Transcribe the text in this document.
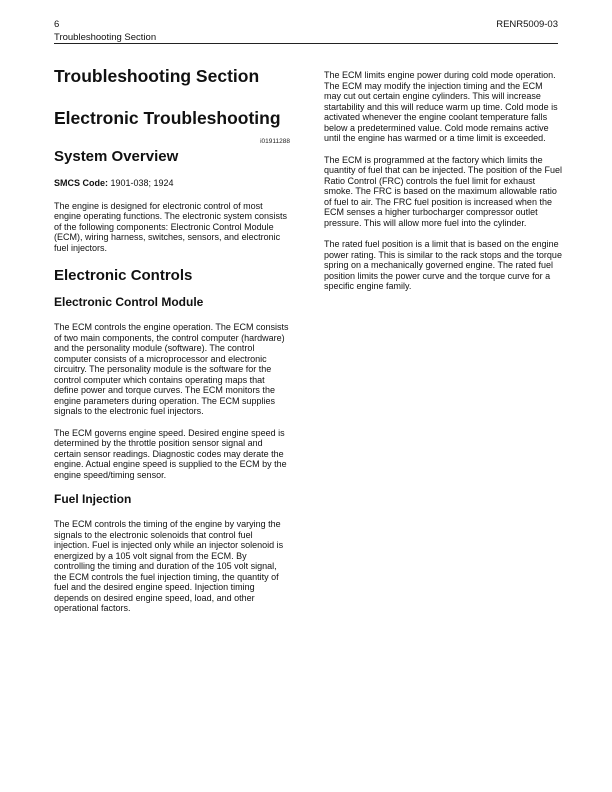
6
Troubleshooting Section
RENR5009-03
Troubleshooting Section
Electronic Troubleshooting
i01911288
System Overview

SMCS Code: 1901-038; 1924

The engine is designed for electronic control of most engine operating functions. The electronic system consists of the following components: Electronic Control Module (ECM), wiring harness, switches, sensors, and electronic fuel injectors.

Electronic Controls
Electronic Control Module

The ECM controls the engine operation. The ECM consists of two main components, the control computer (hardware) and the personality module (software). The control computer consists of a microprocessor and electronic circuitry. The personality module is the software for the control computer which contains operating maps that define power and torque curves. The ECM monitors the engine parameters during operation. The ECM supplies signals to the electronic fuel injectors.

The ECM governs engine speed. Desired engine speed is determined by the throttle position sensor signal and certain sensor readings. Diagnostic codes may derate the engine. Actual engine speed is supplied to the ECM by the engine speed/timing sensor.

Fuel Injection

The ECM controls the timing of the engine by varying the signals to the electronic solenoids that control fuel injection. Fuel is injected only while an injector solenoid is energized by a 105 volt signal from the ECM. By controlling the timing and duration of the 105 volt signal, the ECM controls the fuel injection timing, the quantity of fuel and the desired engine speed. Injection timing depends on desired engine speed, load, and other operational factors.

The ECM limits engine power during cold mode operation. The ECM may modify the injection timing and the ECM may cut out certain engine cylinders. This will increase startability and this will reduce warm up time. Cold mode is activated whenever the engine coolant temperature falls below a predetermined value. Cold mode remains active until the engine has warmed or a time limit is exceeded.

The ECM is programmed at the factory which limits the quantity of fuel that can be injected. The position of the Fuel Ratio Control (FRC) controls the fuel limit for exhaust smoke. The FRC is based on the maximum allowable ratio of fuel to air. The FRC fuel position is increased when the ECM senses a higher turbocharger compressor outlet pressure. This will allow more fuel into the cylinder.

The rated fuel position is a limit that is based on the engine power rating. This is similar to the rack stops and the torque spring on a mechanically governed engine. The rated fuel position limits the power curve and the torque curve for a specific engine family.
